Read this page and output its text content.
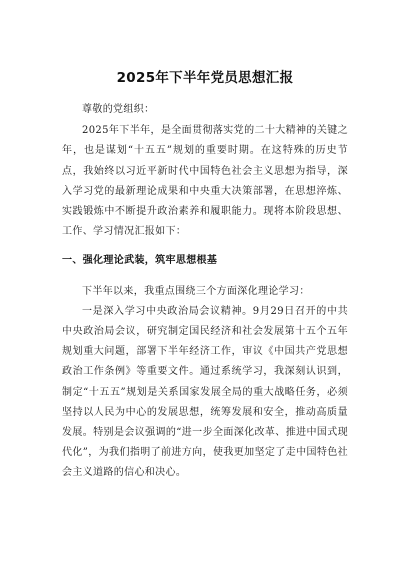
2025年下半年党员思想汇报

尊敬的党组织：

2025年下半年，是全面贯彻落实党的二十大精神的关键之年，也是谋划“十五五”规划的重要时期。在这特殊的历史节点，我始终以习近平新时代中国特色社会主义思想为指导，深入学习党的最新理论成果和中央重大决策部署，在思想淬炼、实践锻炼中不断提升政治素养和履职能力。现将本阶段思想、工作、学习情况汇报如下：

一、强化理论武装，筑牢思想根基

下半年以来，我重点围绕三个方面深化理论学习：

一是深入学习中央政治局会议精神。9月29日召开的中共中央政治局会议，研究制定国民经济和社会发展第十五个五年规划重大问题，部署下半年经济工作，审议《中国共产党思想政治工作条例》等重要文件。通过系统学习，我深刻认识到，制定“十五五”规划是关系国家发展全局的重大战略任务，必须坚持以人民为中心的发展思想，统筹发展和安全，推动高质量发展。特别是会议强调的“进一步全面深化改革、推进中国式现代化”，为我们指明了前进方向，使我更加坚定了走中国特色社会主义道路的信心和决心。
